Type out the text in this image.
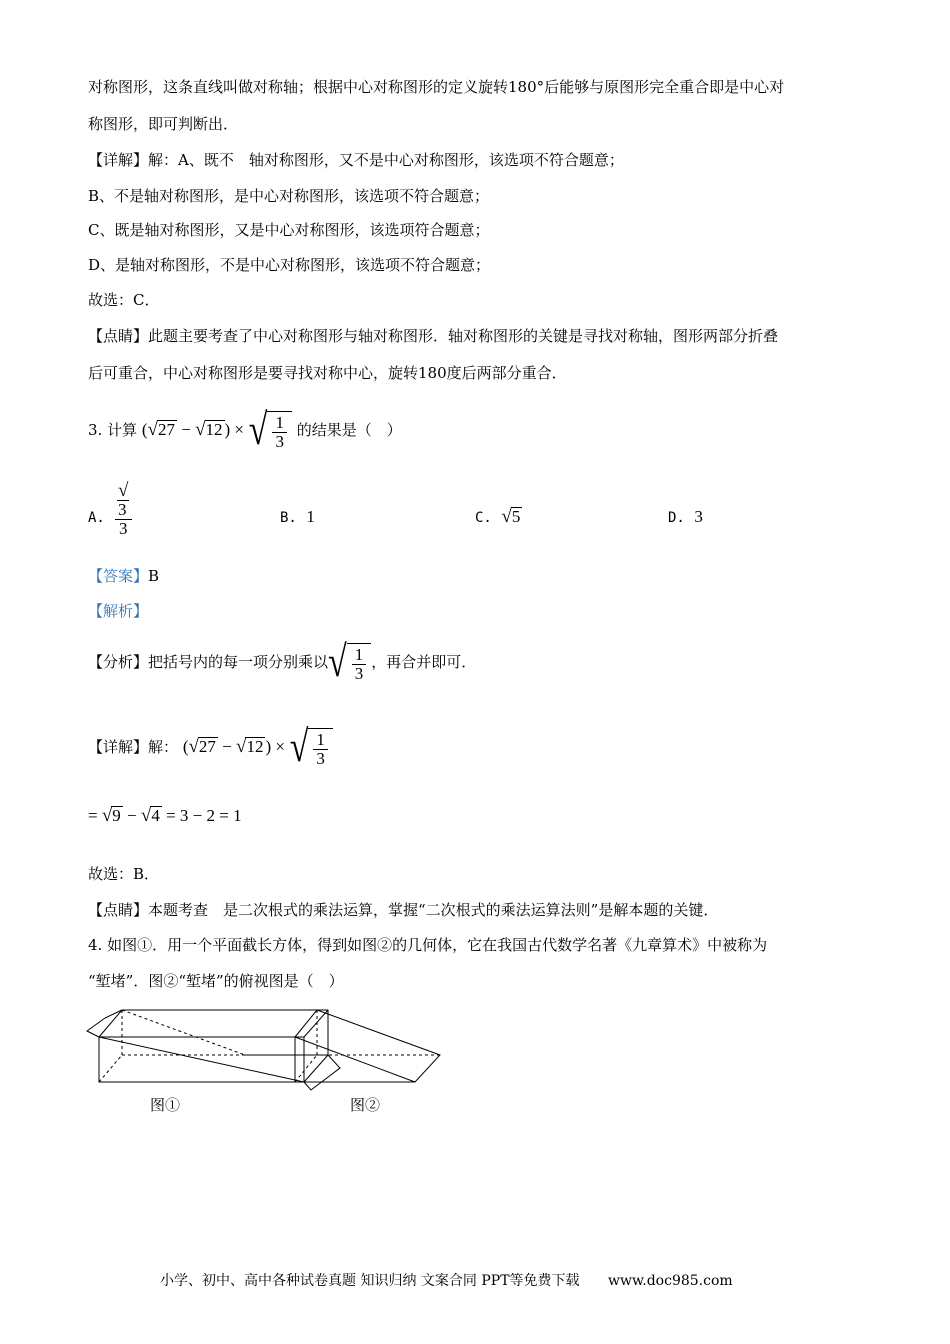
对称图形，这条直线叫做对称轴；根据中心对称图形的定义旋转180°后能够与原图形完全重合即是中心对
称图形，即可判断出．
【详解】解：A、既不　轴对称图形，又不是中心对称图形，该选项不符合题意；
B、不是轴对称图形，是中心对称图形，该选项不符合题意；
C、既是轴对称图形，又是中心对称图形，该选项符合题意；
D、是轴对称图形，不是中心对称图形，该选项不符合题意；
故选：C．
【点睛】此题主要考查了中心对称图形与轴对称图形．轴对称图形的关键是寻找对称轴，图形两部分折叠
后可重合，中心对称图形是要寻找对称中心，旋转180度后两部分重合．
3. 计算 (√27 − √12 ) × √ $\frac{1}{3}$ 的结果是（　）
A. $\frac{√3}{3}$	B. 1	C. √5	D. 3
【答案】B
【解析】
【分析】把括号内的每一项分别乘以 √ $\frac{1}{3}$ ，再合并即可．
【详解】解： (√27 − √12 ) × √ $\frac{1}{3}$
= √9 − √4 = 3 − 2 = 1
故选：B．
【点睛】本题考查　是二次根式的乘法运算，掌握“二次根式的乘法运算法则”是解本题的关键．
4. 如图①．用一个平面截长方体，得到如图②的几何体，它在我国古代数学名著《九章算术》中被称为
“堑堵”．图②“堑堵”的俯视图是（　）
图①	图②
小学、初中、高中各种试卷真题 知识归纳 文案合同 PPT等免费下载 www.doc985.com
